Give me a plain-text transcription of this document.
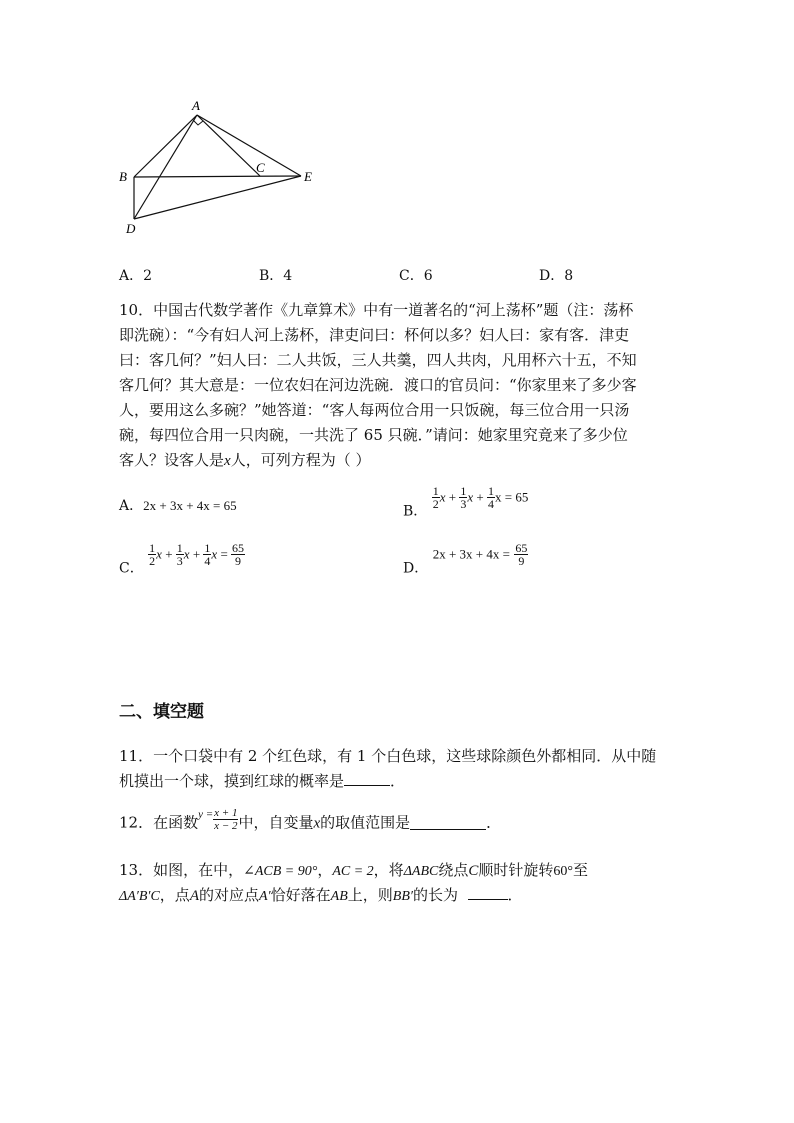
A
B
C
E
D
A．2	B．4	C．6	D．8
10．中国古代数学著作《九章算术》中有一道著名的“河上荡杯”题（注：荡杯
即洗碗）：“今有妇人河上荡杯，津吏问曰：杯何以多？妇人曰：家有客．津吏
曰：客几何？”妇人曰：二人共饭，三人共羹，四人共肉，凡用杯六十五，不知
客几何？其大意是：一位农妇在河边洗碗．渡口的官员问：“你家里来了多少客
人，要用这么多碗？”她答道：“客人每两位合用一只饭碗，每三位合用一只汤
碗，每四位合用一只肉碗，一共洗了 65 只碗．”请问：她家里究竟来了多少位
客人？设客人是x人，可列方程为（ ）
A．2x + 3x + 4x = 65	B．
$\frac{1}{2}$ $x + \frac{1}{3}$ $x + \frac{1}{4}$ x = 65
C．
$\frac{1}{2}$ $x + \frac{1}{3}$ $x + \frac{1}{4}$ $x = \frac{65}{9}$
D． $2x + 3x + 4x = \frac{65}{9}$
二、填空题
11．一个口袋中有 2 个红色球，有 1 个白色球，这些球除颜色外都相同．从中随
机摸出一个球，摸到红球的概率是	．
12．在函数$^{y =} \frac{x + 1}{x - 2}$ 中，自变量x的取值范围是	．
13．如图，在中，∠ACB = 90°，AC = 2，将ΔABC绕点C顺时针旋转60°至
ΔA′B′C，点A的对应点A′恰好落在AB上，则BB′的长为	．
